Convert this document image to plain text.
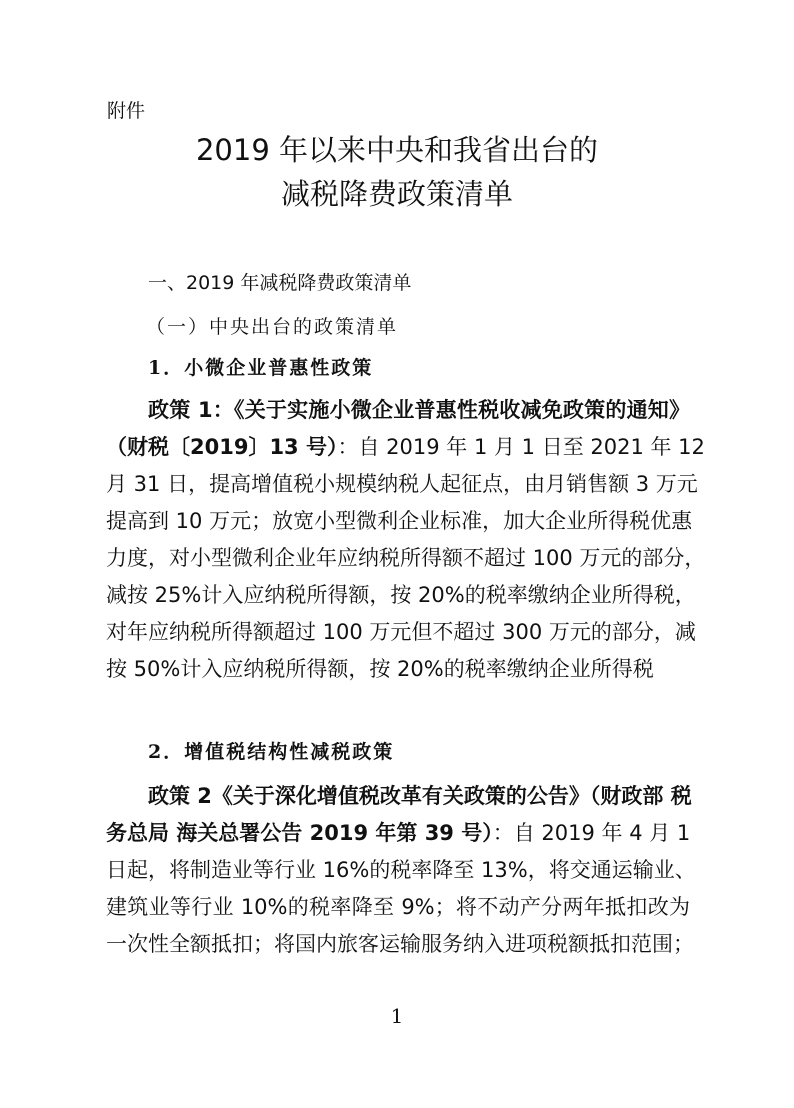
附件
2019 年以来中央和我省出台的
减税降费政策清单
一、2019 年减税降费政策清单
（一）中央出台的政策清单
1．小微企业普惠性政策
政策 1：《关于实施小微企业普惠性税收减免政策的通知》
（财税〔2019〕13 号）：自 2019 年 1 月 1 日至 2021 年 12
月 31 日，提高增值税小规模纳税人起征点，由月销售额 3 万元
提高到 10 万元；放宽小型微利企业标准，加大企业所得税优惠
力度，对小型微利企业年应纳税所得额不超过 100 万元的部分，
减按 25%计入应纳税所得额，按 20%的税率缴纳企业所得税，
对年应纳税所得额超过 100 万元但不超过 300 万元的部分，减
按 50%计入应纳税所得额，按 20%的税率缴纳企业所得税
2．增值税结构性减税政策
政策 2《关于深化增值税改革有关政策的公告》（财政部 税
务总局 海关总署公告 2019 年第 39 号）：自 2019 年 4 月 1
日起，将制造业等行业 16%的税率降至 13%，将交通运输业、
建筑业等行业 10%的税率降至 9%；将不动产分两年抵扣改为
一次性全额抵扣；将国内旅客运输服务纳入进项税额抵扣范围；
1
